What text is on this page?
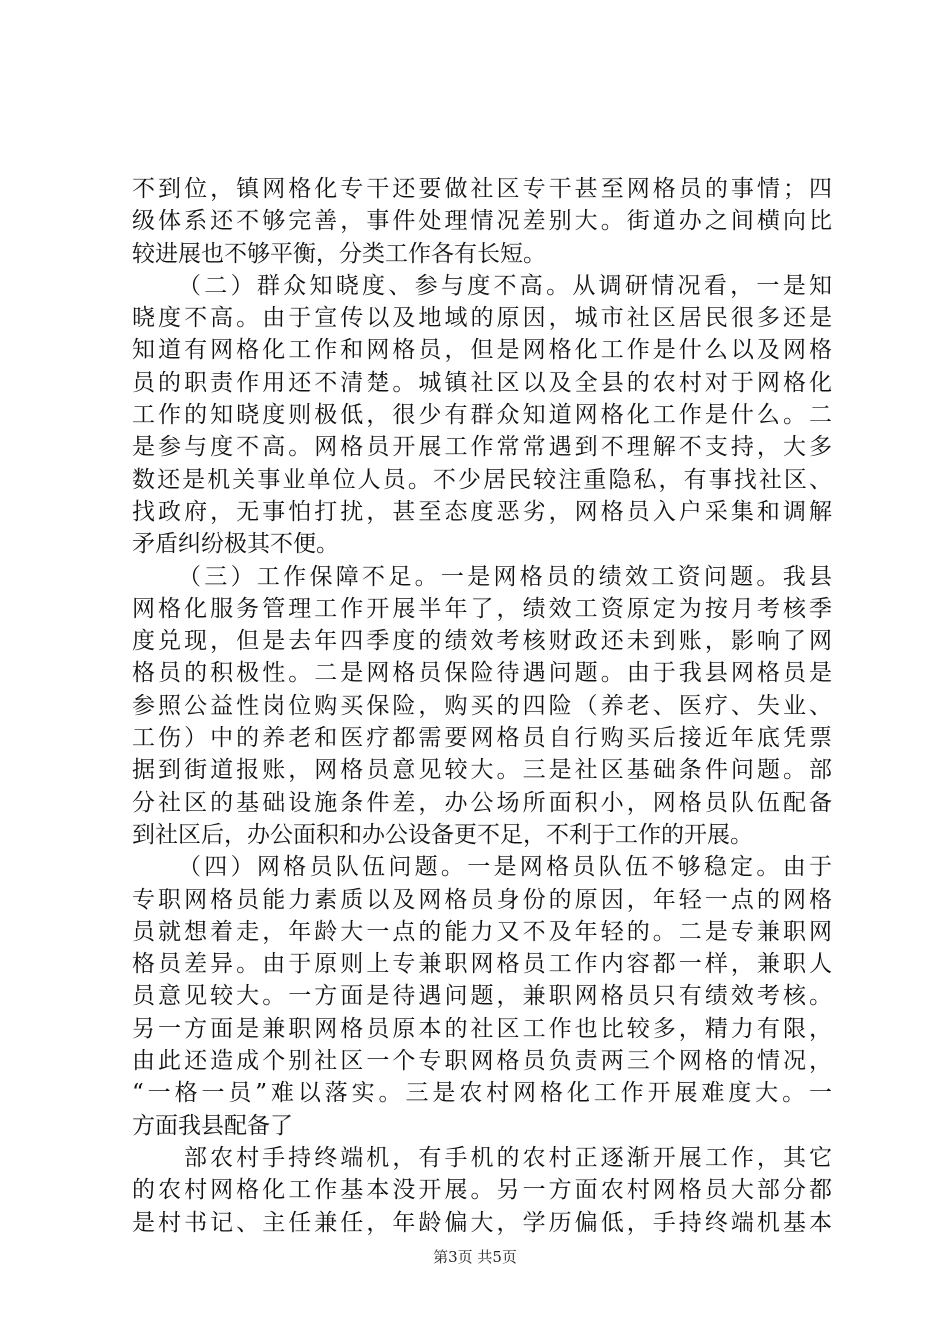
不到位，镇网格化专干还要做社区专干甚至网格员的事情；四
级体系还不够完善，事件处理情况差别大。街道办之间横向比
较进展也不够平衡，分类工作各有长短。
（二）群众知晓度、参与度不高。从调研情况看，一是知
晓度不高。由于宣传以及地域的原因，城市社区居民很多还是
知道有网格化工作和网格员，但是网格化工作是什么以及网格
员的职责作用还不清楚。城镇社区以及全县的农村对于网格化
工作的知晓度则极低，很少有群众知道网格化工作是什么。二
是参与度不高。网格员开展工作常常遇到不理解不支持，大多
数还是机关事业单位人员。不少居民较注重隐私，有事找社区、
找政府，无事怕打扰，甚至态度恶劣，网格员入户采集和调解
矛盾纠纷极其不便。
（三）工作保障不足。一是网格员的绩效工资问题。我县
网格化服务管理工作开展半年了，绩效工资原定为按月考核季
度兑现，但是去年四季度的绩效考核财政还未到账，影响了网
格员的积极性。二是网格员保险待遇问题。由于我县网格员是
参照公益性岗位购买保险，购买的四险（养老、医疗、失业、
工伤）中的养老和医疗都需要网格员自行购买后接近年底凭票
据到街道报账，网格员意见较大。三是社区基础条件问题。部
分社区的基础设施条件差，办公场所面积小，网格员队伍配备
到社区后，办公面积和办公设备更不足，不利于工作的开展。
（四）网格员队伍问题。一是网格员队伍不够稳定。由于
专职网格员能力素质以及网格员身份的原因，年轻一点的网格
员就想着走，年龄大一点的能力又不及年轻的。二是专兼职网
格员差异。由于原则上专兼职网格员工作内容都一样，兼职人
员意见较大。一方面是待遇问题，兼职网格员只有绩效考核。
另一方面是兼职网格员原本的社区工作也比较多，精力有限，
由此还造成个别社区一个专职网格员负责两三个网格的情况，
“一格一员”难以落实。三是农村网格化工作开展难度大。一
方面我县配备了
部农村手持终端机，有手机的农村正逐渐开展工作，其它
的农村网格化工作基本没开展。另一方面农村网格员大部分都
是村书记、主任兼任，年龄偏大，学历偏低，手持终端机基本
第3页 共5页
